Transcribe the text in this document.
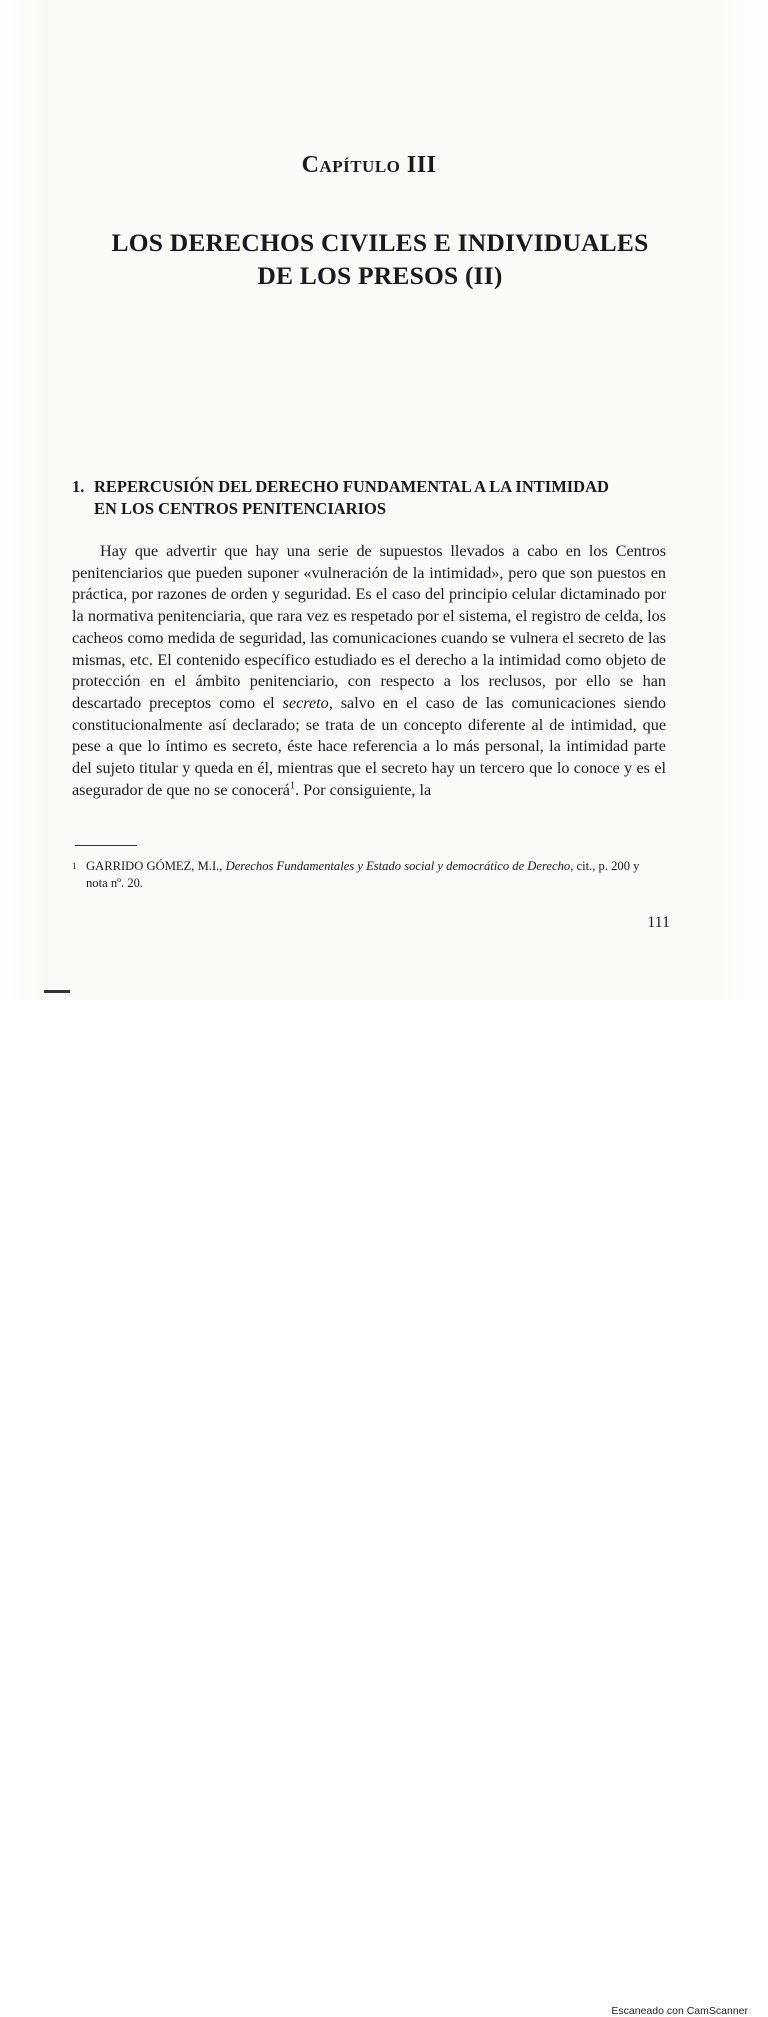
Capítulo III
LOS DERECHOS CIVILES E INDIVIDUALES
DE LOS PRESOS (II)
1. REPERCUSIÓN DEL DERECHO FUNDAMENTAL A LA INTIMIDAD
EN LOS CENTROS PENITENCIARIOS

Hay que advertir que hay una serie de supuestos llevados a cabo en los Centros penitenciarios que pueden suponer «vulneración de la intimidad», pero que son puestos en práctica, por razones de orden y seguridad. Es el caso del principio celular dictaminado por la normativa penitenciaria, que rara vez es respetado por el sistema, el registro de celda, los cacheos como medida de seguridad, las comunicaciones cuando se vulnera el secreto de las mismas, etc. El contenido específico estudiado es el derecho a la intimidad como objeto de protección en el ámbito penitenciario, con respecto a los reclusos, por ello se han descartado preceptos como el secreto, salvo en el caso de las comunicaciones siendo constitucionalmente así declarado; se trata de un concepto diferente al de intimidad, que pese a que lo íntimo es secreto, éste hace referencia a lo más personal, la intimidad parte del sujeto titular y queda en él, mientras que el secreto hay un tercero que lo conoce y es el asegurador de que no se conocerá$^1$. Por consiguiente, la

1 GARRIDO GÓMEZ, M.I., Derechos Fundamentales y Estado social y democrático de Derecho, cit., p. 200 y
nota nº. 20.

111
Escaneado con CamScanner
